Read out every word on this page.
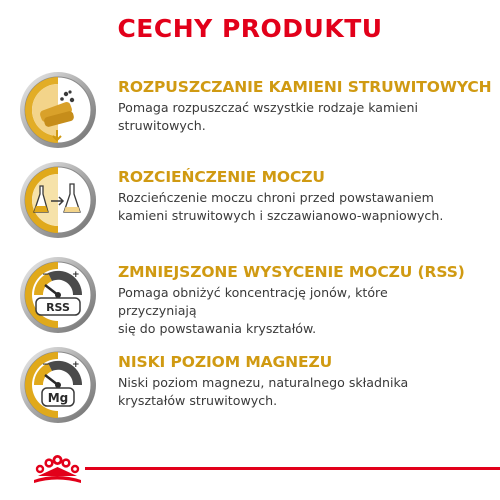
CECHY PRODUKTU
ROZPUSZCZANIE KAMIENI STRUWITOWYCH
Pomaga rozpuszczać wszystkie rodzaje kamieni
struwitowych.
ROZCIEŃCZENIE MOCZU
Rozcieńczenie moczu chroni przed powstawaniem
kamieni struwitowych i szczawianowo-wapniowych.
− +
RSS
ZMNIEJSZONE WYSYCENIE MOCZU (RSS)
Pomaga obniżyć koncentrację jonów, które
przyczyniają
się do powstawania kryształów.
− +
Mg
NISKI POZIOM MAGNEZU
Niski poziom magnezu, naturalnego składnika
kryształów struwitowych.
